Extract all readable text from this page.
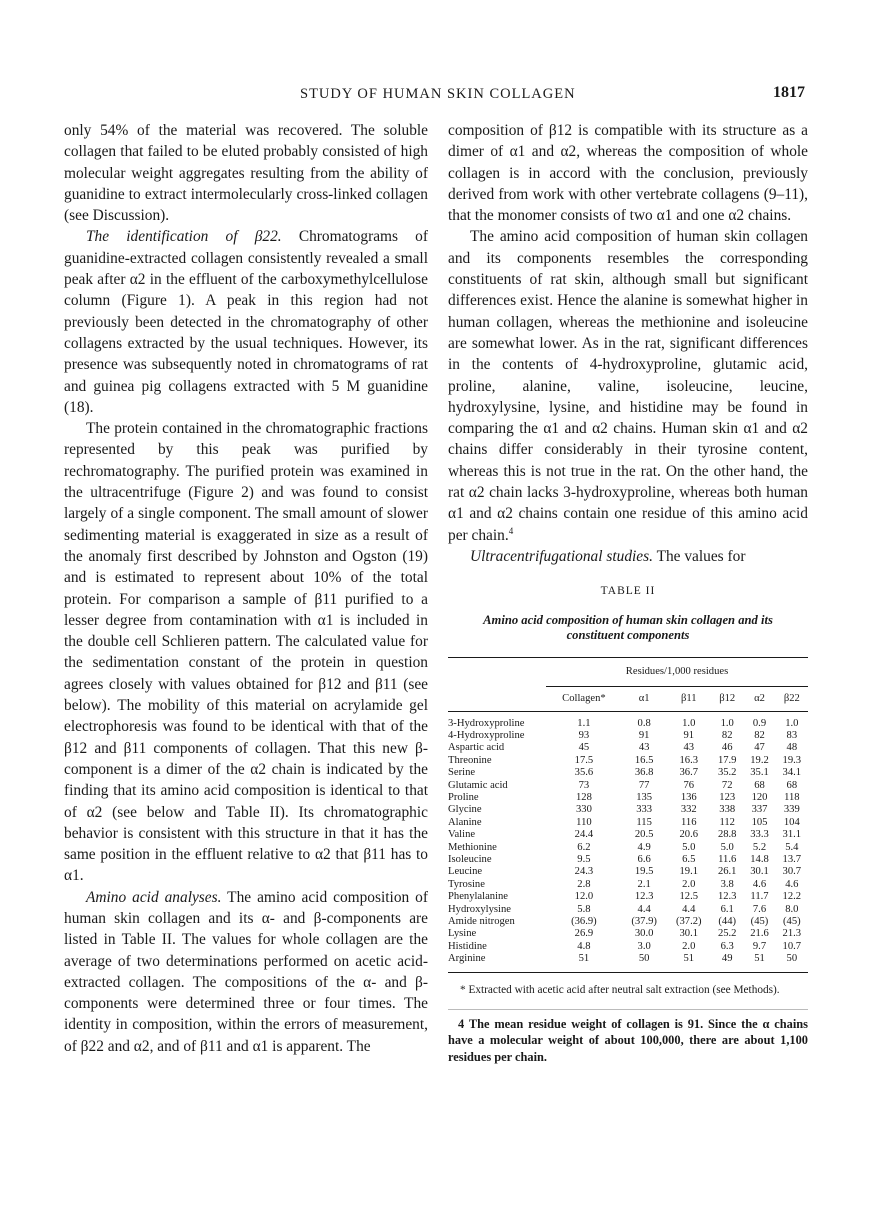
STUDY OF HUMAN SKIN COLLAGEN	1817

only 54% of the material was recovered. The soluble collagen that failed to be eluted probably consisted of high molecular weight aggregates resulting from the ability of guanidine to extract intermolecularly cross-linked collagen (see Discussion).

The identification of β22. Chromatograms of guanidine-extracted collagen consistently revealed a small peak after α2 in the effluent of the carboxymethylcellulose column (Figure 1). A peak in this region had not previously been detected in the chromatography of other collagens extracted by the usual techniques. However, its presence was subsequently noted in chromatograms of rat and guinea pig collagens extracted with 5 M guanidine (18).

The protein contained in the chromatographic fractions represented by this peak was purified by rechromatography. The purified protein was examined in the ultracentrifuge (Figure 2) and was found to consist largely of a single component. The small amount of slower sedimenting material is exaggerated in size as a result of the anomaly first described by Johnston and Ogston (19) and is estimated to represent about 10% of the total protein. For comparison a sample of β11 purified to a lesser degree from contamination with α1 is included in the double cell Schlieren pattern. The calculated value for the sedimentation constant of the protein in question agrees closely with values obtained for β12 and β11 (see below). The mobility of this material on acrylamide gel electrophoresis was found to be identical with that of the β12 and β11 components of collagen. That this new β-component is a dimer of the α2 chain is indicated by the finding that its amino acid composition is identical to that of α2 (see below and Table II). Its chromatographic behavior is consistent with this structure in that it has the same position in the effluent relative to α2 that β11 has to α1.

Amino acid analyses. The amino acid composition of human skin collagen and its α- and β-components are listed in Table II. The values for whole collagen are the average of two determinations performed on acetic acid-extracted collagen. The compositions of the α- and β-components were determined three or four times. The identity in composition, within the errors of measurement, of β22 and α2, and of β11 and α1 is apparent. The

composition of β12 is compatible with its structure as a dimer of α1 and α2, whereas the composition of whole collagen is in accord with the conclusion, previously derived from work with other vertebrate collagens (9–11), that the monomer consists of two α1 and one α2 chains.

The amino acid composition of human skin collagen and its components resembles the corresponding constituents of rat skin, although small but significant differences exist. Hence the alanine is somewhat higher in human collagen, whereas the methionine and isoleucine are somewhat lower. As in the rat, significant differences in the contents of 4-hydroxyproline, glutamic acid, proline, alanine, valine, isoleucine, leucine, hydroxylysine, lysine, and histidine may be found in comparing the α1 and α2 chains. Human skin α1 and α2 chains differ considerably in their tyrosine content, whereas this is not true in the rat. On the other hand, the rat α2 chain lacks 3-hydroxyproline, whereas both human α1 and α2 chains contain one residue of this amino acid per chain.$^4$

Ultracentrifugational studies. The values for

TABLE II
Amino acid composition of human skin collagen and its constituent components
	Residues/1,000 residues					
	Collagen*	α1	β11	β12	α2	β22
3-Hydroxyproline	1.1	0.8	1.0	1.0	0.9	1.0
4-Hydroxyproline	93	91	91	82	82	83
Aspartic acid	45	43	43	46	47	48
Threonine	17.5	16.5	16.3	17.9	19.2	19.3
Serine	35.6	36.8	36.7	35.2	35.1	34.1
Glutamic acid	73	77	76	72	68	68
Proline	128	135	136	123	120	118
Glycine	330	333	332	338	337	339
Alanine	110	115	116	112	105	104
Valine	24.4	20.5	20.6	28.8	33.3	31.1
Methionine	6.2	4.9	5.0	5.0	5.2	5.4
Isoleucine	9.5	6.6	6.5	11.6	14.8	13.7
Leucine	24.3	19.5	19.1	26.1	30.1	30.7
Tyrosine	2.8	2.1	2.0	3.8	4.6	4.6
Phenylalanine	12.0	12.3	12.5	12.3	11.7	12.2
Hydroxylysine	5.8	4.4	4.4	6.1	7.6	8.0
Amide nitrogen	(36.9)	(37.9)	(37.2)	(44)	(45)	(45)
Lysine	26.9	30.0	30.1	25.2	21.6	21.3
Histidine	4.8	3.0	2.0	6.3	9.7	10.7
Arginine	51	50	51	49	51	50
* Extracted with acetic acid after neutral salt extraction (see Methods).
4 The mean residue weight of collagen is 91. Since the α chains have a molecular weight of about 100,000, there are about 1,100 residues per chain.
